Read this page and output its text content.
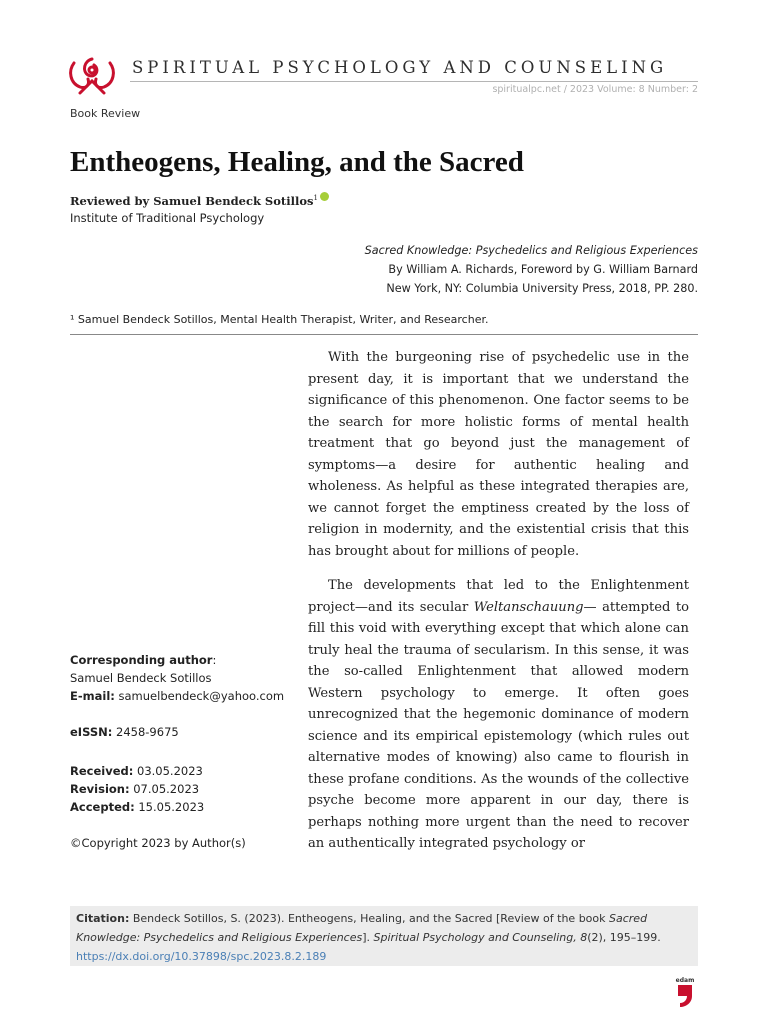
SPIRITUAL PSYCHOLOGY AND COUNSELING
spiritualpc.net / 2023 Volume: 8 Number: 2
Book Review
Entheogens, Healing, and the Sacred
Reviewed by Samuel Bendeck Sotillos$^1$
Institute of Traditional Psychology
Sacred Knowledge: Psychedelics and Religious Experiences
By William A. Richards, Foreword by G. William Barnard
New York, NY: Columbia University Press, 2018, PP. 280.
¹ Samuel Bendeck Sotillos, Mental Health Therapist, Writer, and Researcher.

With the burgeoning rise of psychedelic use in the present day, it is important that we understand the significance of this phenomenon. One factor seems to be the search for more holistic forms of mental health treatment that go beyond just the management of symptoms—a desire for authentic healing and wholeness. As helpful as these integrated therapies are, we cannot forget the emptiness created by the loss of religion in modernity, and the existential crisis that this has brought about for millions of people.

The developments that led to the Enlightenment project—and its secular Weltanschauung— attempted to fill this void with everything except that which alone can truly heal the trauma of secularism. In this sense, it was the so-called Enlightenment that allowed modern Western psychology to emerge. It often goes unrecognized that the hegemonic dominance of modern science and its empirical epistemology (which rules out alternative modes of knowing) also came to flourish in these profane conditions. As the wounds of the collective psyche become more apparent in our day, there is perhaps nothing more urgent than the need to recover an authentically integrated psychology or

Corresponding author:
Samuel Bendeck Sotillos
E-mail: samuelbendeck@yahoo.com
eISSN: 2458-9675
Received: 03.05.2023
Revision: 07.05.2023
Accepted: 15.05.2023
©Copyright 2023 by Author(s)
Citation: Bendeck Sotillos, S. (2023). Entheogens, Healing, and the Sacred [Review of the book Sacred Knowledge: Psychedelics and Religious Experiences]. Spiritual Psychology and Counseling, 8(2), 195–199.
https://dx.doi.org/10.37898/spc.2023.8.2.189
edam
